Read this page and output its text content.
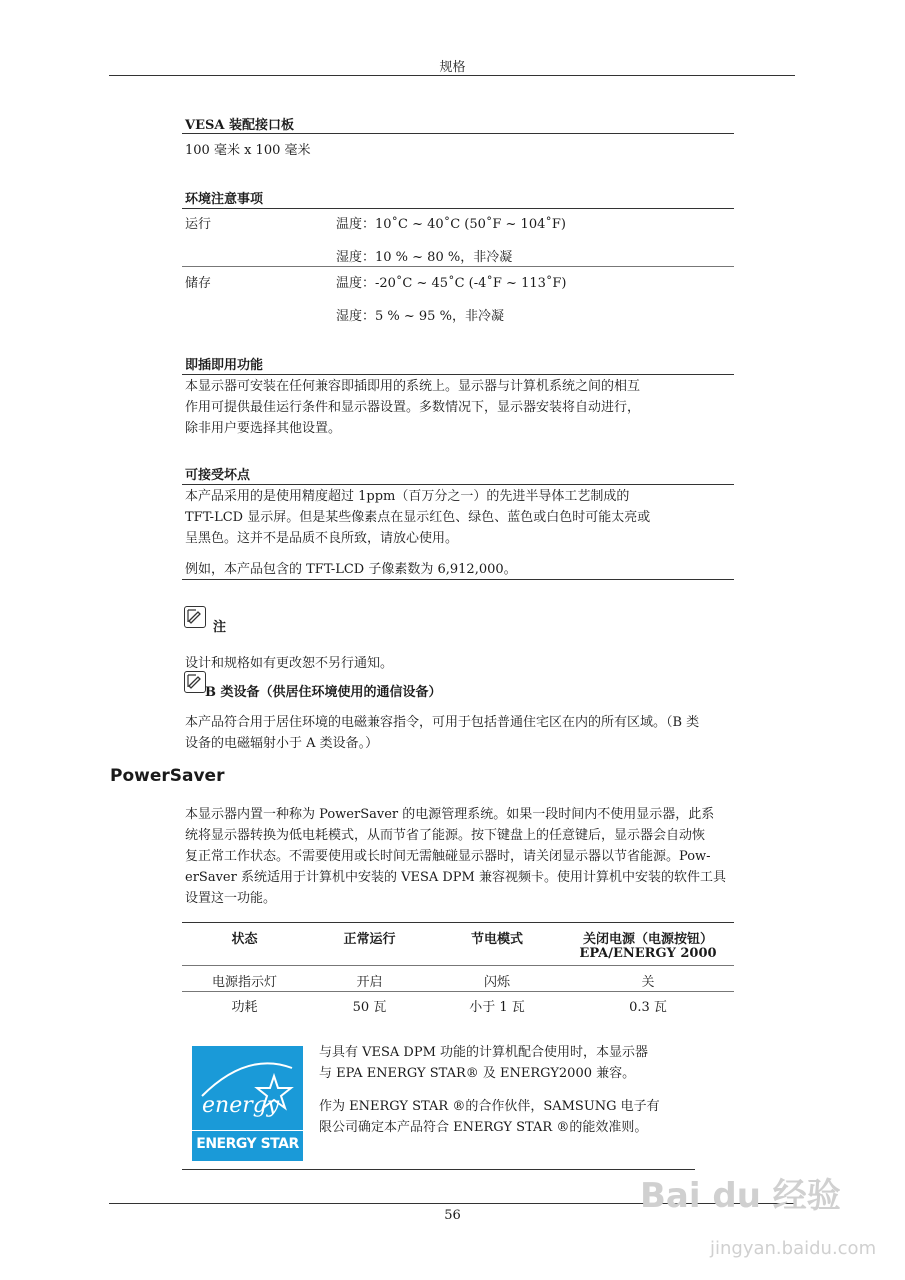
规格
VESA 装配接口板
100 毫米 x 100 毫米
环境注意事项
运行	温度：10˚C ~ 40˚C (50˚F ~ 104˚F)
湿度：10 % ~ 80 %，非冷凝
储存	温度：-20˚C ~ 45˚C (-4˚F ~ 113˚F)
湿度：5 % ~ 95 %，非冷凝
即插即用功能
本显示器可安装在任何兼容即插即用的系统上。显示器与计算机系统之间的相互
作用可提供最佳运行条件和显示器设置。多数情况下，显示器安装将自动进行，
除非用户要选择其他设置。
可接受坏点
本产品采用的是使用精度超过 1ppm（百万分之一）的先进半导体工艺制成的
TFT-LCD 显示屏。但是某些像素点在显示红色、绿色、蓝色或白色时可能太亮或
呈黑色。这并不是品质不良所致，请放心使用。
例如，本产品包含的 TFT-LCD 子像素数为 6,912,000。
注
设计和规格如有更改恕不另行通知。
B 类设备（供居住环境使用的通信设备）
本产品符合用于居住环境的电磁兼容指令，可用于包括普通住宅区在内的所有区域。（B 类
设备的电磁辐射小于 A 类设备。）
PowerSaver
本显示器内置一种称为 PowerSaver 的电源管理系统。如果一段时间内不使用显示器，此系
统将显示器转换为低电耗模式，从而节省了能源。按下键盘上的任意键后，显示器会自动恢
复正常工作状态。不需要使用或长时间无需触碰显示器时，请关闭显示器以节省能源。Pow-
erSaver 系统适用于计算机中安装的 VESA DPM 兼容视频卡。使用计算机中安装的软件工具
设置这一功能。
状态	正常运行	节电模式	关闭电源（电源按钮）
EPA/ENERGY 2000
电源指示灯	开启	闪烁	关
功耗	50 瓦	小于 1 瓦	0.3 瓦
energy
ENERGY STAR
与具有 VESA DPM 功能的计算机配合使用时，本显示器
与 EPA ENERGY STAR® 及 ENERGY2000 兼容。
作为 ENERGY STAR ®的合作伙伴，SAMSUNG 电子有
限公司确定本产品符合 ENERGY STAR ®的能效准则。
56	Bai du 经验
jingyan.baidu.com
